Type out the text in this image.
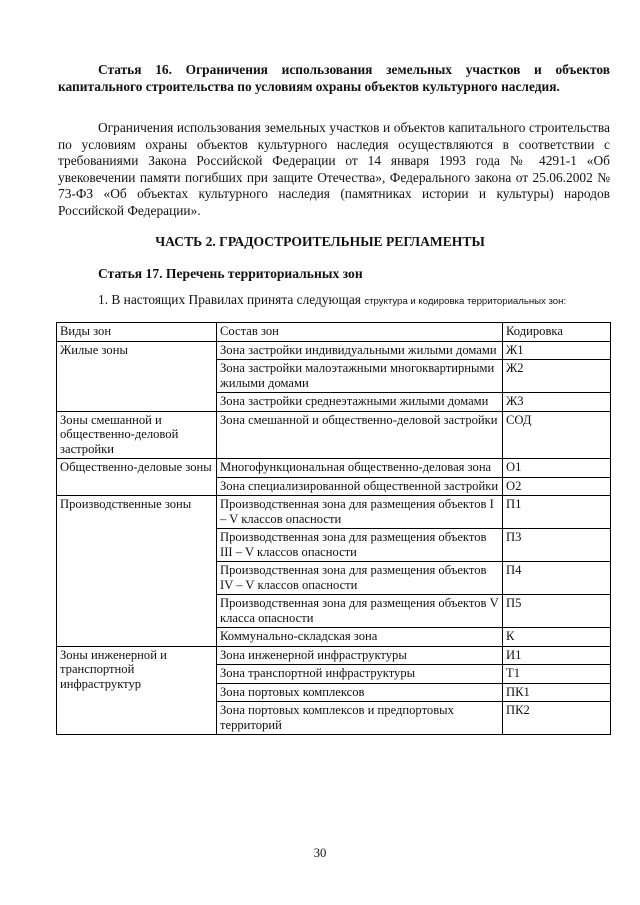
Статья 16. Ограничения использования земельных участков и объектов капитального строительства по условиям охраны объектов культурного наследия.

Ограничения использования земельных участков и объектов капитального строительства по условиям охраны объектов культурного наследия осуществляются в соответствии с требованиями Закона Российской Федерации от 14 января 1993 года № 4291-1 «Об увековечении памяти погибших при защите Отечества», Федерального закона от 25.06.2002 № 73-ФЗ «Об объектах культурного наследия (памятниках истории и культуры) народов Российской Федерации».

ЧАСТЬ 2. ГРАДОСТРОИТЕЛЬНЫЕ РЕГЛАМЕНТЫ

Статья 17. Перечень территориальных зон

1. В настоящих Правилах принята следующая структура и кодировка территориальных зон:

Виды зон	Состав зон	Кодировка
Жилые зоны	Зона застройки индивидуальными жилыми домами	Ж1
	Зона застройки малоэтажными многоквартирными жилыми домами	Ж2
	Зона застройки среднеэтажными жилыми домами	Ж3
Зоны смешанной и общественно-деловой застройки	Зона смешанной и общественно-деловой застройки	СОД
Общественно-деловые зоны	Многофункциональная общественно-деловая зона	О1
	Зона специализированной общественной застройки	О2
Производственные зоны	Производственная зона для размещения объектов I – V классов опасности	П1
	Производственная зона для размещения объектов III – V классов опасности	П3
	Производственная зона для размещения объектов IV – V классов опасности	П4
	Производственная зона для размещения объектов V класса опасности	П5
	Коммунально-складская зона	К
Зоны инженерной и транспортной инфраструктур	Зона инженерной инфраструктуры	И1
	Зона транспортной инфраструктуры	Т1
	Зона портовых комплексов	ПК1
	Зона портовых комплексов и предпортовых территорий	ПК2

30
